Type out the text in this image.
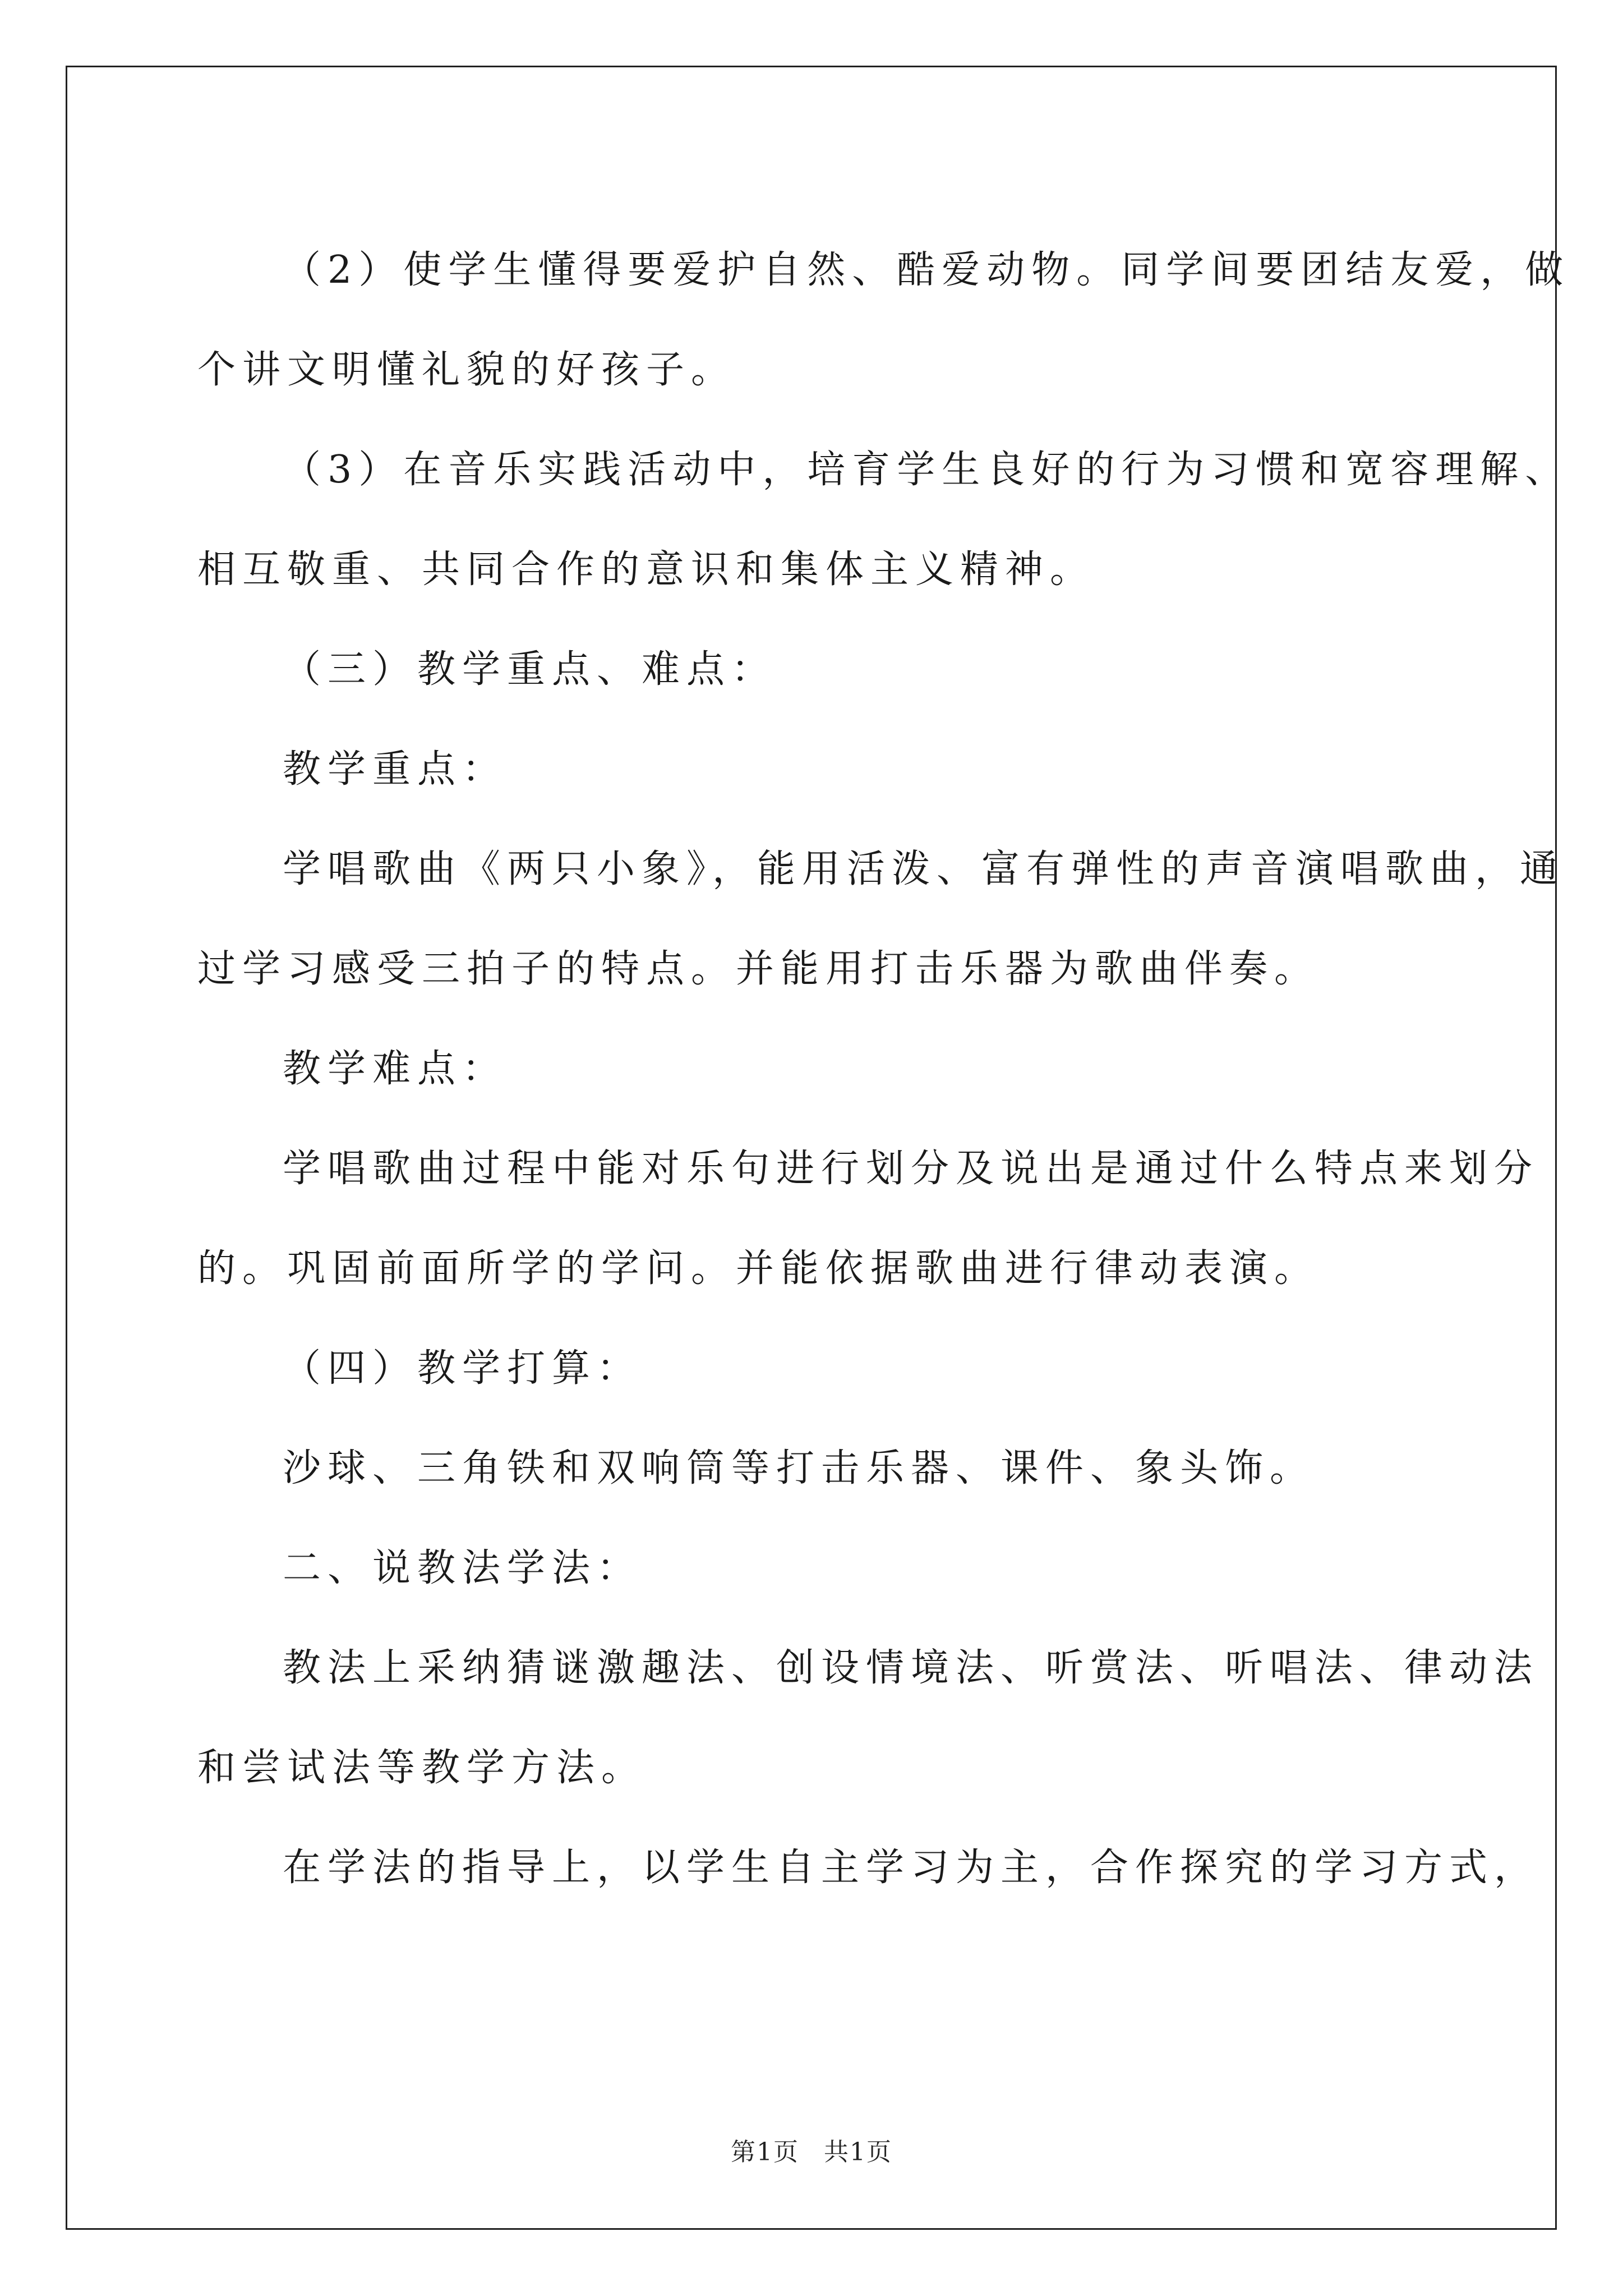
（2）使学生懂得要爱护自然、酷爱动物。同学间要团结友爱，做

个讲文明懂礼貌的好孩子。

（3）在音乐实践活动中，培育学生良好的行为习惯和宽容理解、

相互敬重、共同合作的意识和集体主义精神。

（三）教学重点、难点：

教学重点：

学唱歌曲《两只小象》，能用活泼、富有弹性的声音演唱歌曲，通

过学习感受三拍子的特点。并能用打击乐器为歌曲伴奏。

教学难点：

学唱歌曲过程中能对乐句进行划分及说出是通过什么特点来划分

的。巩固前面所学的学问。并能依据歌曲进行律动表演。

（四）教学打算：

沙球、三角铁和双响筒等打击乐器、课件、象头饰。

二、说教法学法：

教法上采纳猜谜激趣法、创设情境法、听赏法、听唱法、律动法

和尝试法等教学方法。

在学法的指导上，以学生自主学习为主，合作探究的学习方式，

第1页 共1页
